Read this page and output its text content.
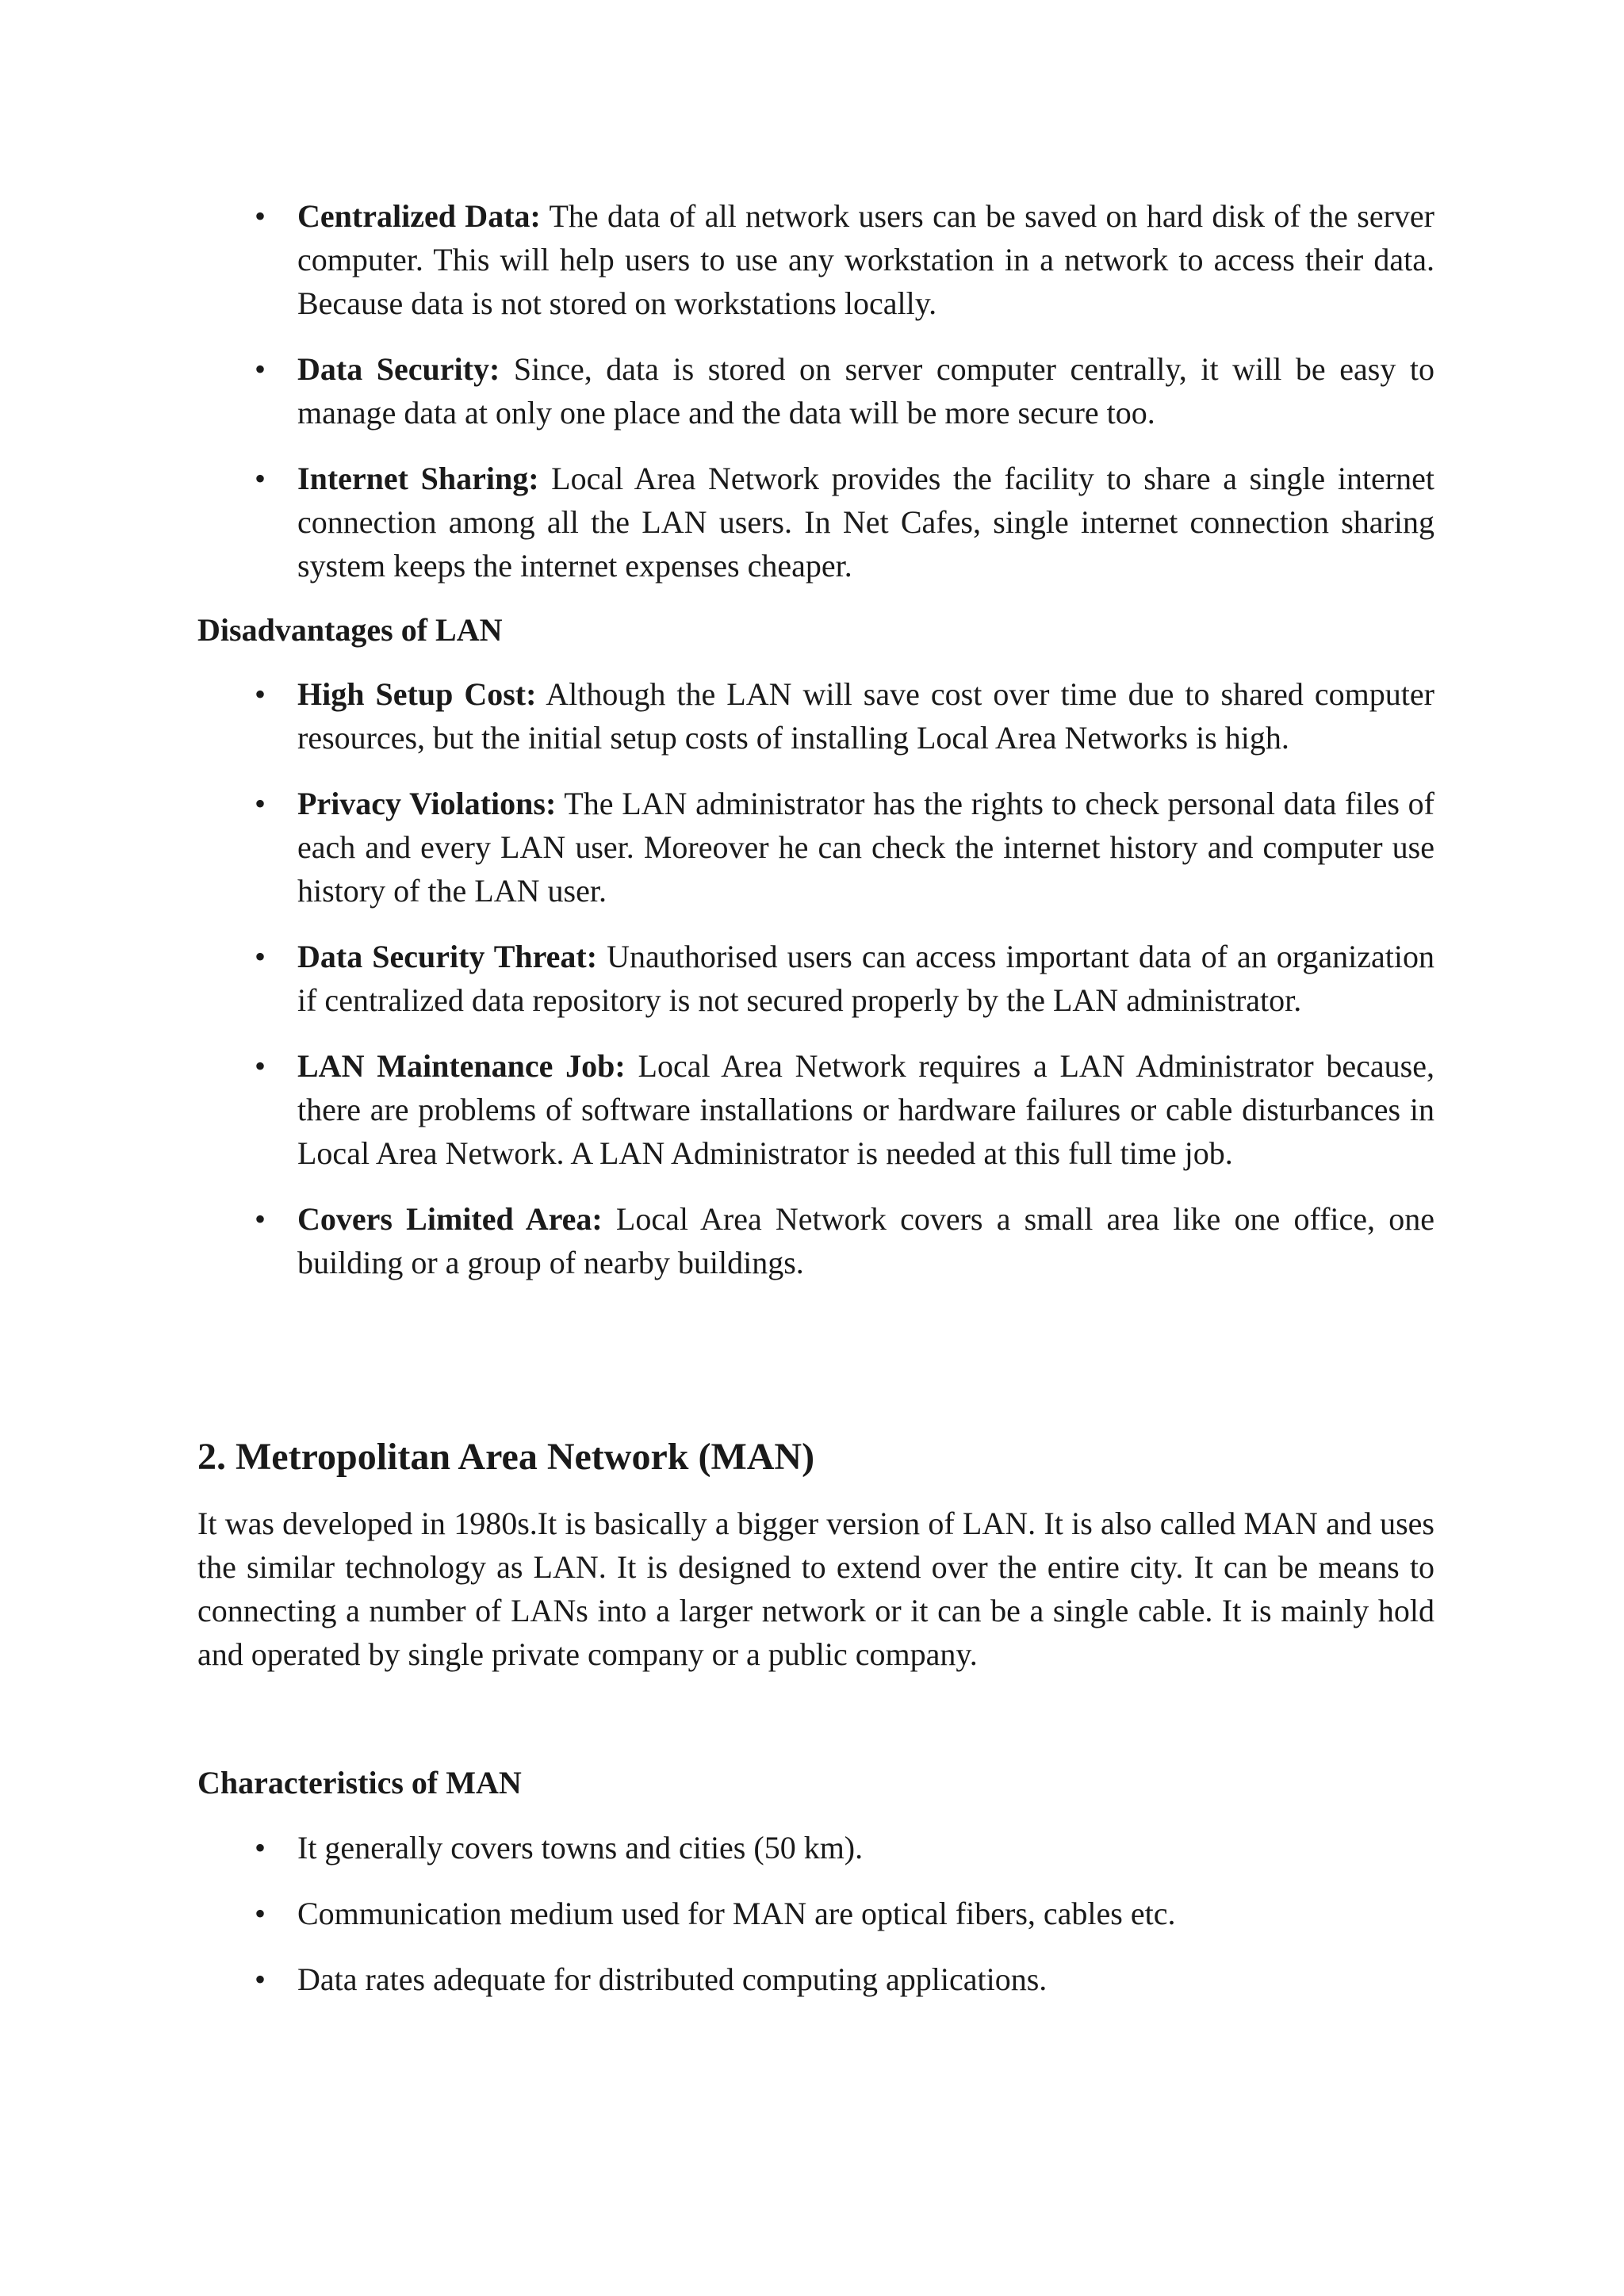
• Centralized Data: The data of all network users can be saved on hard disk of the server computer. This will help users to use any workstation in a network to access their data. Because data is not stored on workstations locally.
• Data Security: Since, data is stored on server computer centrally, it will be easy to manage data at only one place and the data will be more secure too.
• Internet Sharing: Local Area Network provides the facility to share a single internet connection among all the LAN users. In Net Cafes, single internet connection sharing system keeps the internet expenses cheaper.

Disadvantages of LAN

• High Setup Cost: Although the LAN will save cost over time due to shared computer resources, but the initial setup costs of installing Local Area Networks is high.
• Privacy Violations: The LAN administrator has the rights to check personal data files of each and every LAN user. Moreover he can check the internet history and computer use history of the LAN user.
• Data Security Threat: Unauthorised users can access important data of an organization if centralized data repository is not secured properly by the LAN administrator.
• LAN Maintenance Job: Local Area Network requires a LAN Administrator because, there are problems of software installations or hardware failures or cable disturbances in Local Area Network. A LAN Administrator is needed at this full time job.
• Covers Limited Area: Local Area Network covers a small area like one office, one building or a group of nearby buildings.
2. Metropolitan Area Network (MAN)

It was developed in 1980s.It is basically a bigger version of LAN. It is also called MAN and uses the similar technology as LAN. It is designed to extend over the entire city. It can be means to connecting a number of LANs into a larger network or it can be a single cable. It is mainly hold and operated by single private company or a public company.

Characteristics of MAN

• It generally covers towns and cities (50 km).
• Communication medium used for MAN are optical fibers, cables etc.
• Data rates adequate for distributed computing applications.
